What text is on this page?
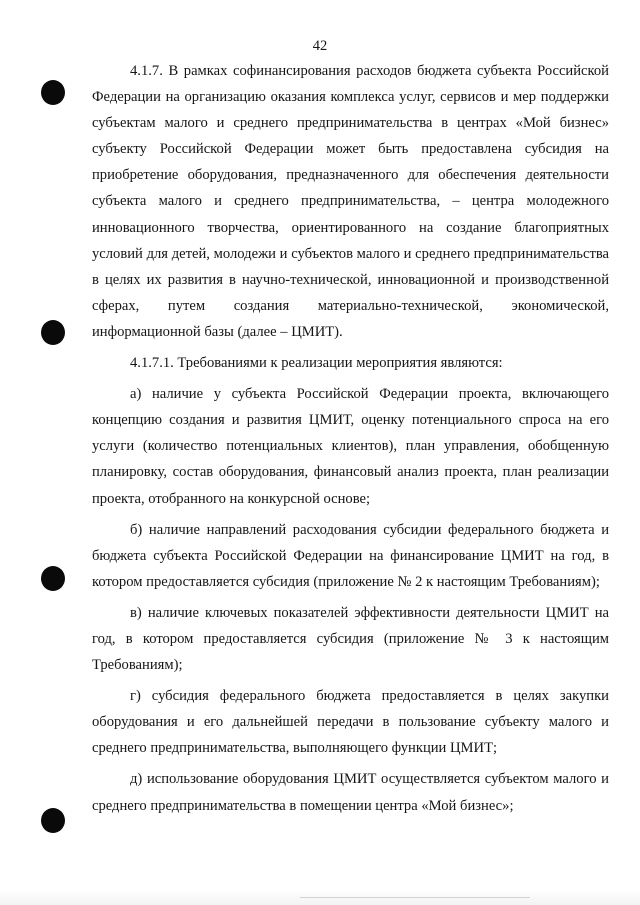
42

4.1.7. В рамках софинансирования расходов бюджета субъекта Российской Федерации на организацию оказания комплекса услуг, сервисов и мер поддержки субъектам малого и среднего предпринимательства в центрах «Мой бизнес» субъекту Российской Федерации может быть предоставлена субсидия на приобретение оборудования, предназначенного для обеспечения деятельности субъекта малого и среднего предпринимательства, – центра молодежного инновационного творчества, ориентированного на создание благоприятных условий для детей, молодежи и субъектов малого и среднего предпринимательства в целях их развития в научно-технической, инновационной и производственной сферах, путем создания материально-технической, экономической, информационной базы (далее – ЦМИТ).

4.1.7.1. Требованиями к реализации мероприятия являются:

а) наличие у субъекта Российской Федерации проекта, включающего концепцию создания и развития ЦМИТ, оценку потенциального спроса на его услуги (количество потенциальных клиентов), план управления, обобщенную планировку, состав оборудования, финансовый анализ проекта, план реализации проекта, отобранного на конкурсной основе;

б) наличие направлений расходования субсидии федерального бюджета и бюджета субъекта Российской Федерации на финансирование ЦМИТ на год, в котором предоставляется субсидия (приложение № 2 к настоящим Требованиям);

в) наличие ключевых показателей эффективности деятельности ЦМИТ на год, в котором предоставляется субсидия (приложение № 3 к настоящим Требованиям);

г) субсидия федерального бюджета предоставляется в целях закупки оборудования и его дальнейшей передачи в пользование субъекту малого и среднего предпринимательства, выполняющего функции ЦМИТ;

д) использование оборудования ЦМИТ осуществляется субъектом малого и среднего предпринимательства в помещении центра «Мой бизнес»;
